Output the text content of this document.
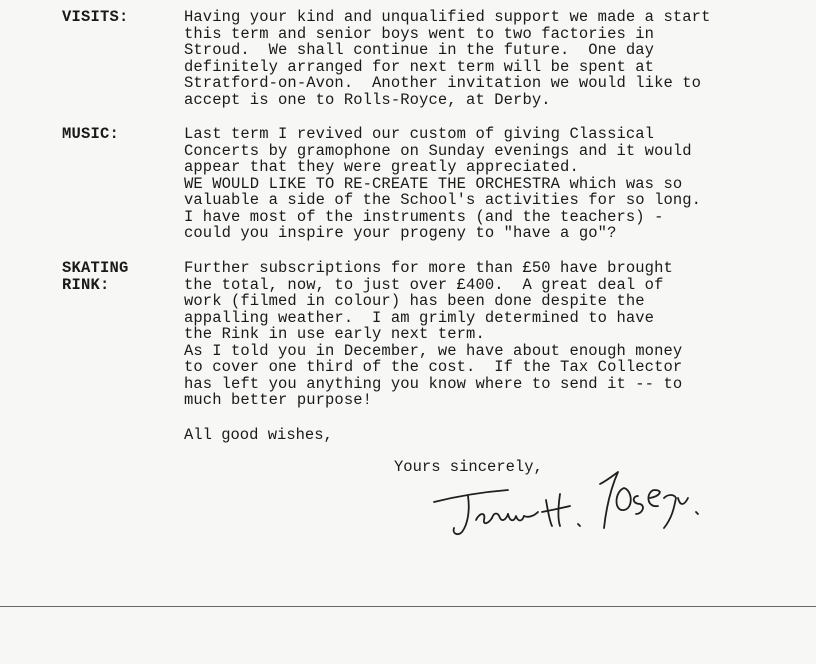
VISITS:	Having your kind and unqualified support we made a start
this term and senior boys went to two factories in
Stroud.  We shall continue in the future.  One day
definitely arranged for next term will be spent at
Stratford-on-Avon.  Another invitation we would like to
accept is one to Rolls-Royce, at Derby.
MUSIC:	Last term I revived our custom of giving Classical
Concerts by gramophone on Sunday evenings and it would
appear that they were greatly appreciated.
WE WOULD LIKE TO RE-CREATE THE ORCHESTRA which was so
valuable a side of the School's activities for so long.
I have most of the instruments (and the teachers) -
could you inspire your progeny to "have a go"?
SKATING
RINK:
Further subscriptions for more than £50 have brought
the total, now, to just over £400.  A great deal of
work (filmed in colour) has been done despite the
appalling weather.  I am grimly determined to have
the Rink in use early next term.
As I told you in December, we have about enough money
to cover one third of the cost.  If the Tax Collector
has left you anything you know where to send it -- to
much better purpose!
All good wishes,
Yours sincerely,
